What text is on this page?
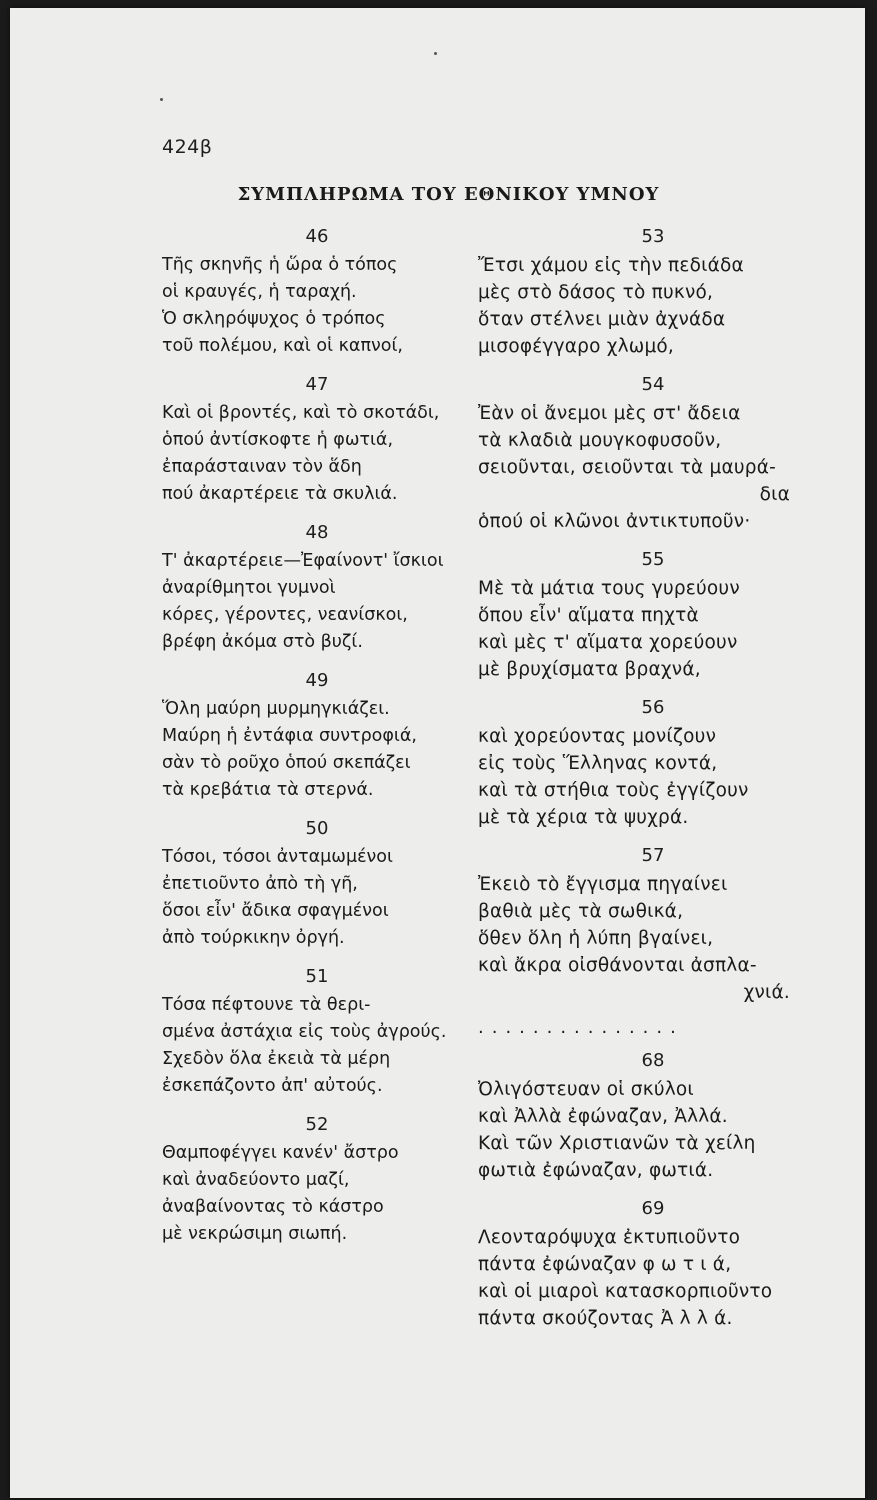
424β
ΣΥΜΠΛΗΡΩΜΑ ΤΟΥ ΕΘΝΙΚΟΥ ΥΜΝΟΥ
46
Τῆς σκηνῆς ἡ ὥρα ὁ τόπος
οἱ κραυγές, ἡ ταραχή.
Ὁ σκληρόψυχος ὁ τρόπος
τοῦ πολέμου, καὶ οἱ καπνοί,
47
Καὶ οἱ βροντές, καὶ τὸ σκοτάδι,
ὁπού ἀντίσκοφτε ἡ φωτιά,
ἐπαράσταιναν τὸν ἅδη
πού ἀκαρτέρειε τὰ σκυλιά.
48
Τ' ἀκαρτέρειε—Ἐφαίνοντ' ἴσκιοι
ἀναρίθμητοι γυμνοὶ
κόρες, γέροντες, νεανίσκοι,
βρέφη ἀκόμα στὸ βυζί.
49
Ὅλη μαύρη μυρμηγκιάζει.
Μαύρη ἡ ἐντάφια συντροφιά,
σὰν τὸ ροῦχο ὁπού σκεπάζει
τὰ κρεβάτια τὰ στερνά.
50
Τόσοι, τόσοι ἀνταμωμένοι
ἐπετιοῦντο ἀπὸ τὴ γῆ,
ὅσοι εἶν' ἄδικα σφαγμένοι
ἀπὸ τούρκικην ὀργή.
51
Τόσα πέφτουνε τὰ θερι-
σμένα ἀστάχια εἰς τοὺς ἀγρούς.
Σχεδὸν ὅλα ἐκειὰ τὰ μέρη
ἐσκεπάζοντο ἀπ' αὐτούς.
52
Θαμποφέγγει κανέν' ἄστρο
καὶ ἀναδεύοντο μαζί,
ἀναβαίνοντας τὸ κάστρο
μὲ νεκρώσιμη σιωπή.
53
Ἔτσι χάμου εἰς τὴν πεδιάδα
μὲς στὸ δάσος τὸ πυκνό,
ὅταν στέλνει μιὰν ἀχνάδα
μισοφέγγαρο χλωμό,
54
Ἐὰν οἱ ἄνεμοι μὲς στ' ἄδεια
τὰ κλαδιὰ μουγκοφυσοῦν,
σειοῦνται, σειοῦνται τὰ μαυρά-
δια
ὁπού οἱ κλῶνοι ἀντικτυποῦν·
55
Μὲ τὰ μάτια τους γυρεύουν
ὅπου εἶν' αἵματα πηχτὰ
καὶ μὲς τ' αἵματα χορεύουν
μὲ βρυχίσματα βραχνά,
56
καὶ χορεύοντας μονίζουν
εἰς τοὺς Ἕλληνας κοντά,
καὶ τὰ στήθια τοὺς ἐγγίζουν
μὲ τὰ χέρια τὰ ψυχρά.
57
Ἐκειὸ τὸ ἔγγισμα πηγαίνει
βαθιὰ μὲς τὰ σωθικά,
ὅθεν ὅλη ἡ λύπη βγαίνει,
καὶ ἄκρα οἰσθάνονται ἀσπλα-
χνιά.
...............
68
Ὀλιγόστευαν οἱ σκύλοι
καὶ Ἀλλὰ ἐφώναζαν, Ἀλλά.
Καὶ τῶν Χριστιανῶν τὰ χείλη
φωτιὰ ἐφώναζαν, φωτιά.
69
Λεονταρόψυχα ἐκτυπιοῦντο
πάντα ἐφώναζαν φ ω τ ι ά,
καὶ οἱ μιαροὶ κατασκορπιοῦντο
πάντα σκούζοντας Ἀ λ λ ά.
